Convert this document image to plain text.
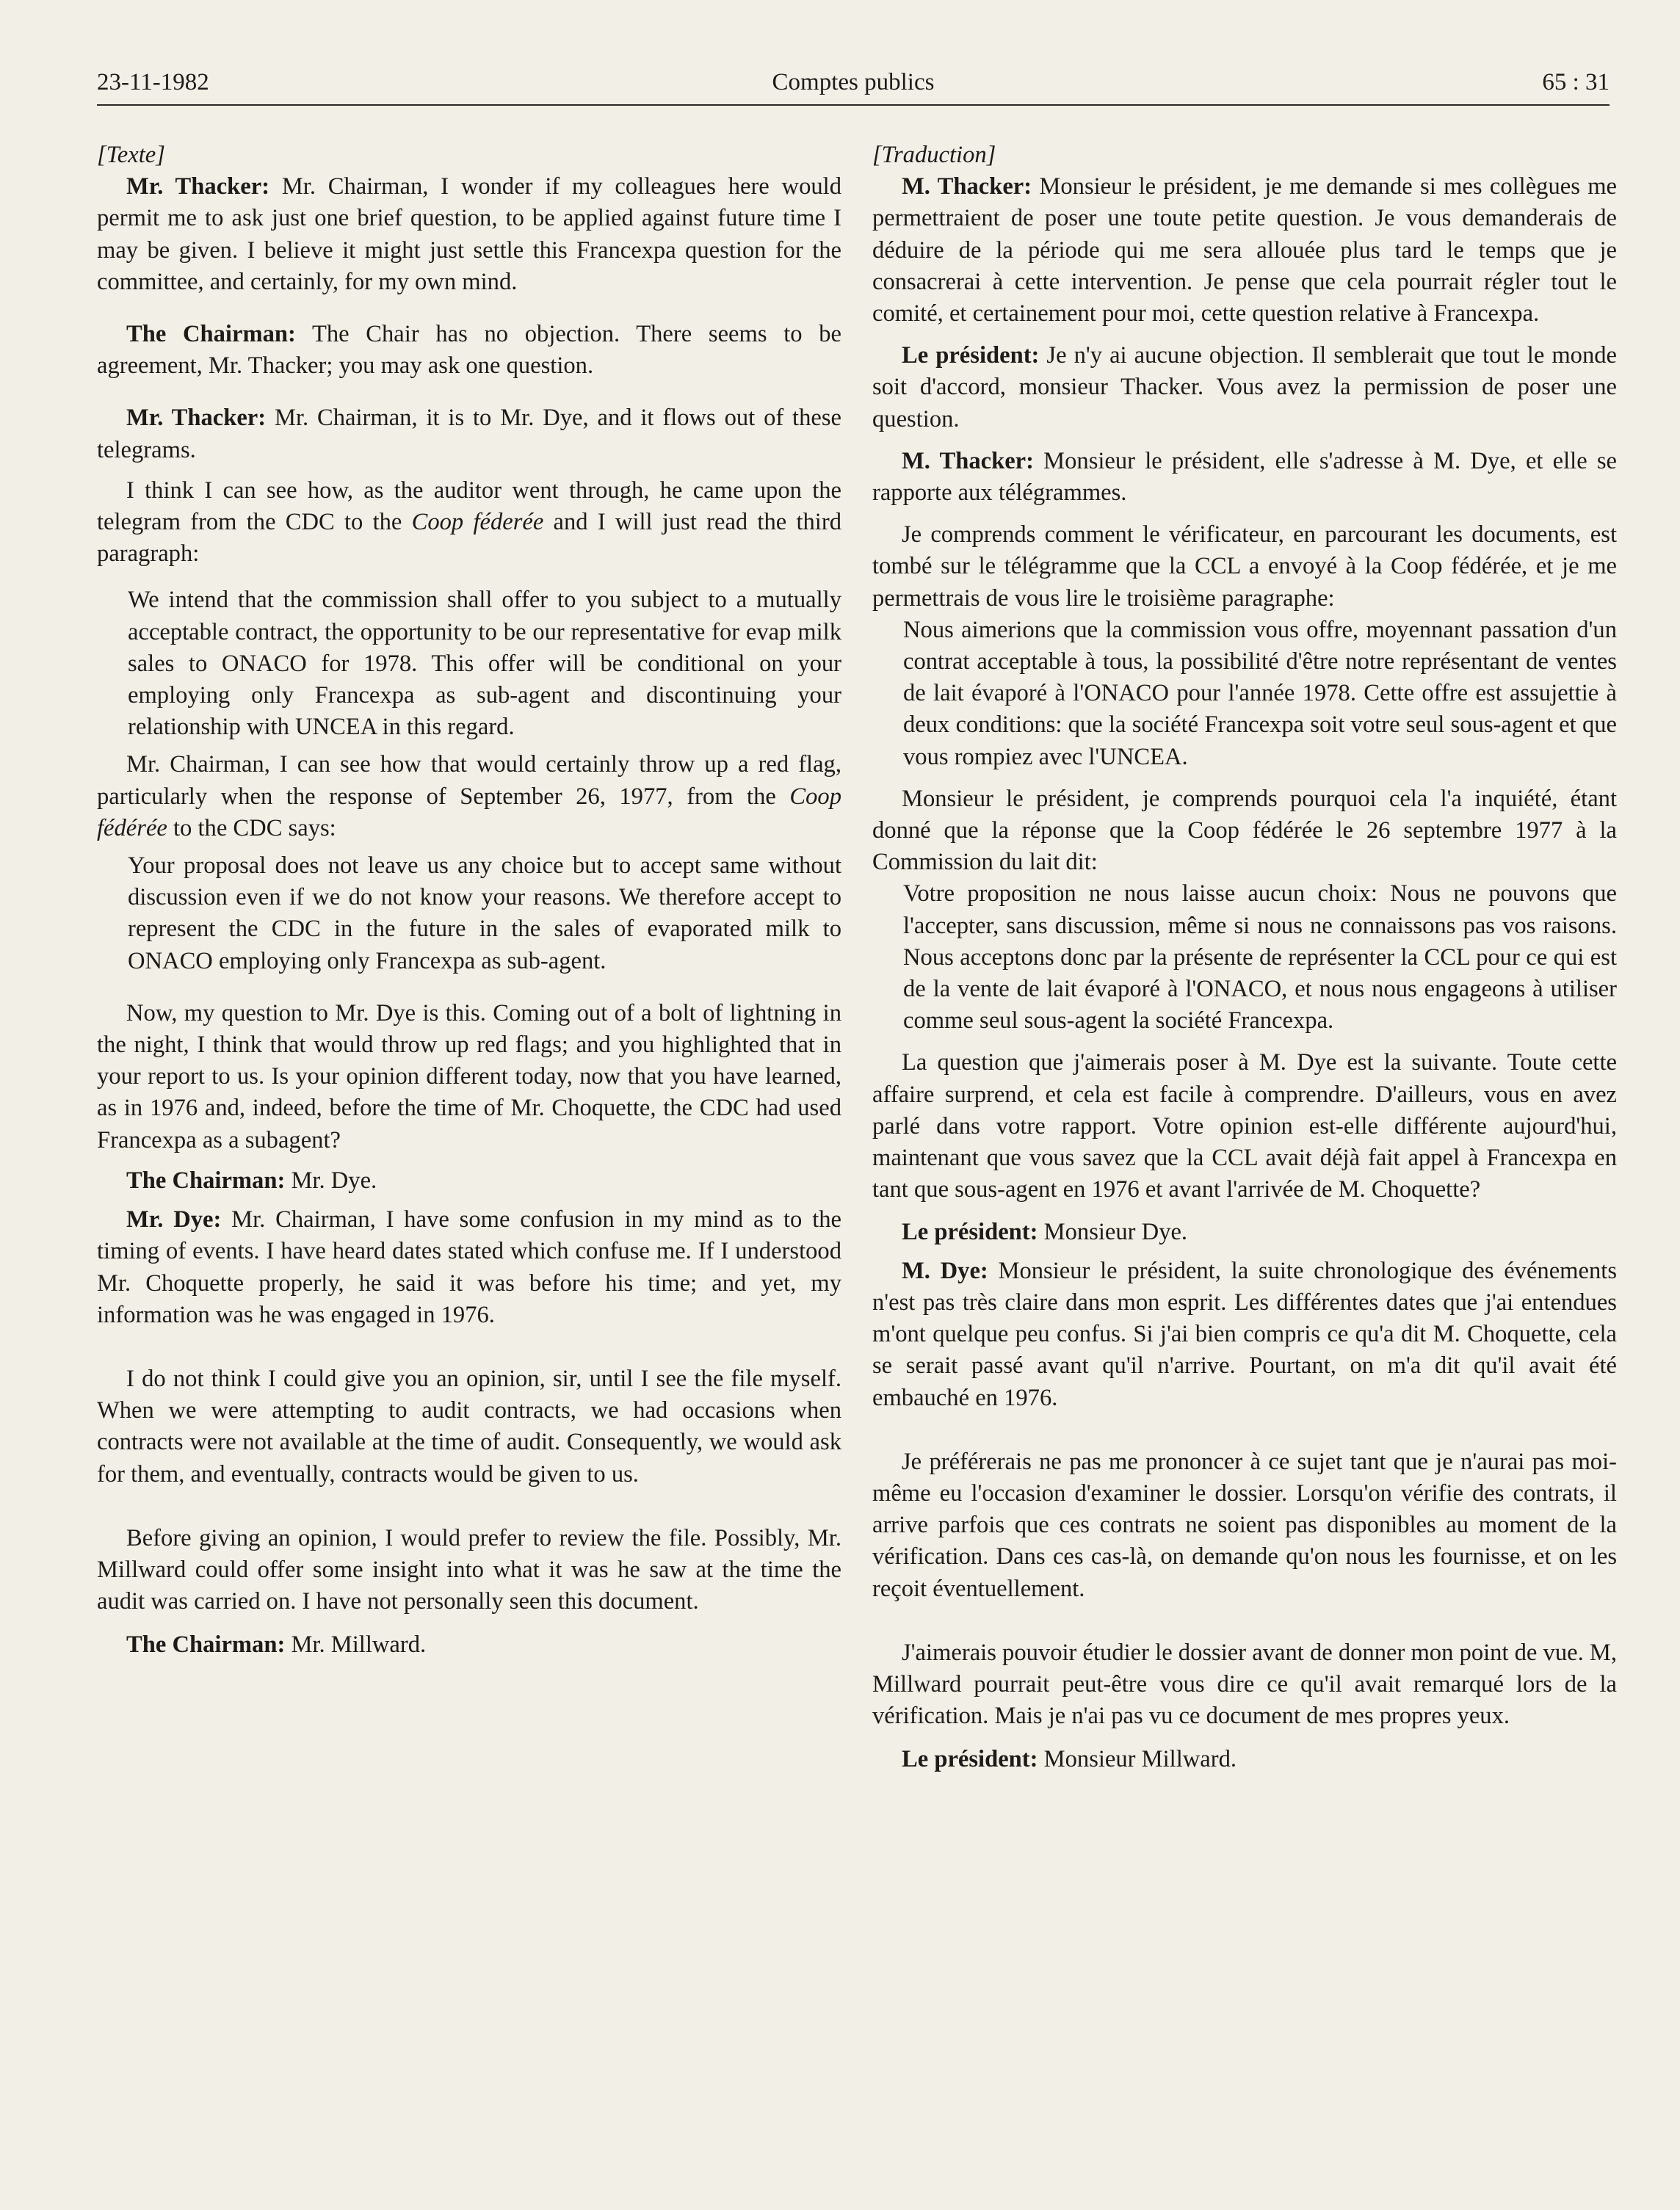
23-11-1982	Comptes publics	65 : 31

[Texte]

Mr. Thacker: Mr. Chairman, I wonder if my colleagues here would permit me to ask just one brief question, to be applied against future time I may be given. I believe it might just settle this Francexpa question for the committee, and certainly, for my own mind.

The Chairman: The Chair has no objection. There seems to be agreement, Mr. Thacker; you may ask one question.

Mr. Thacker: Mr. Chairman, it is to Mr. Dye, and it flows out of these telegrams.

I think I can see how, as the auditor went through, he came upon the telegram from the CDC to the Coop féderée and I will just read the third paragraph:

We intend that the commission shall offer to you subject to a mutually acceptable contract, the opportunity to be our representative for evap milk sales to ONACO for 1978. This offer will be conditional on your employing only Francexpa as sub-agent and discontinuing your relationship with UNCEA in this regard.

Mr. Chairman, I can see how that would certainly throw up a red flag, particularly when the response of September 26, 1977, from the Coop fédérée to the CDC says:

Your proposal does not leave us any choice but to accept same without discussion even if we do not know your reasons. We therefore accept to represent the CDC in the future in the sales of evaporated milk to ONACO employing only Francexpa as sub-agent.

Now, my question to Mr. Dye is this. Coming out of a bolt of lightning in the night, I think that would throw up red flags; and you highlighted that in your report to us. Is your opinion different today, now that you have learned, as in 1976 and, indeed, before the time of Mr. Choquette, the CDC had used Francexpa as a subagent?

The Chairman: Mr. Dye.

Mr. Dye: Mr. Chairman, I have some confusion in my mind as to the timing of events. I have heard dates stated which confuse me. If I understood Mr. Choquette properly, he said it was before his time; and yet, my information was he was engaged in 1976.

I do not think I could give you an opinion, sir, until I see the file myself. When we were attempting to audit contracts, we had occasions when contracts were not available at the time of audit. Consequently, we would ask for them, and eventually, contracts would be given to us.

Before giving an opinion, I would prefer to review the file. Possibly, Mr. Millward could offer some insight into what it was he saw at the time the audit was carried on. I have not personally seen this document.

The Chairman: Mr. Millward.

[Traduction]

M. Thacker: Monsieur le président, je me demande si mes collègues me permettraient de poser une toute petite question. Je vous demanderais de déduire de la période qui me sera allouée plus tard le temps que je consacrerai à cette intervention. Je pense que cela pourrait régler tout le comité, et certainement pour moi, cette question relative à Francexpa.

Le président: Je n'y ai aucune objection. Il semblerait que tout le monde soit d'accord, monsieur Thacker. Vous avez la permission de poser une question.

M. Thacker: Monsieur le président, elle s'adresse à M. Dye, et elle se rapporte aux télégrammes.

Je comprends comment le vérificateur, en parcourant les documents, est tombé sur le télégramme que la CCL a envoyé à la Coop fédérée, et je me permettrais de vous lire le troisième paragraphe:

Nous aimerions que la commission vous offre, moyennant passation d'un contrat acceptable à tous, la possibilité d'être notre représentant de ventes de lait évaporé à l'ONACO pour l'année 1978. Cette offre est assujettie à deux conditions: que la société Francexpa soit votre seul sous-agent et que vous rompiez avec l'UNCEA.

Monsieur le président, je comprends pourquoi cela l'a inquiété, étant donné que la réponse que la Coop fédérée le 26 septembre 1977 à la Commission du lait dit:

Votre proposition ne nous laisse aucun choix: Nous ne pouvons que l'accepter, sans discussion, même si nous ne connaissons pas vos raisons. Nous acceptons donc par la présente de représenter la CCL pour ce qui est de la vente de lait évaporé à l'ONACO, et nous nous engageons à utiliser comme seul sous-agent la société Francexpa.

La question que j'aimerais poser à M. Dye est la suivante. Toute cette affaire surprend, et cela est facile à comprendre. D'ailleurs, vous en avez parlé dans votre rapport. Votre opinion est-elle différente aujourd'hui, maintenant que vous savez que la CCL avait déjà fait appel à Francexpa en tant que sous-agent en 1976 et avant l'arrivée de M. Choquette?

Le président: Monsieur Dye.

M. Dye: Monsieur le président, la suite chronologique des événements n'est pas très claire dans mon esprit. Les différentes dates que j'ai entendues m'ont quelque peu confus. Si j'ai bien compris ce qu'a dit M. Choquette, cela se serait passé avant qu'il n'arrive. Pourtant, on m'a dit qu'il avait été embauché en 1976.

Je préférerais ne pas me prononcer à ce sujet tant que je n'aurai pas moi-même eu l'occasion d'examiner le dossier. Lorsqu'on vérifie des contrats, il arrive parfois que ces contrats ne soient pas disponibles au moment de la vérification. Dans ces cas-là, on demande qu'on nous les fournisse, et on les reçoit éventuellement.

J'aimerais pouvoir étudier le dossier avant de donner mon point de vue. M, Millward pourrait peut-être vous dire ce qu'il avait remarqué lors de la vérification. Mais je n'ai pas vu ce document de mes propres yeux.

Le président: Monsieur Millward.
